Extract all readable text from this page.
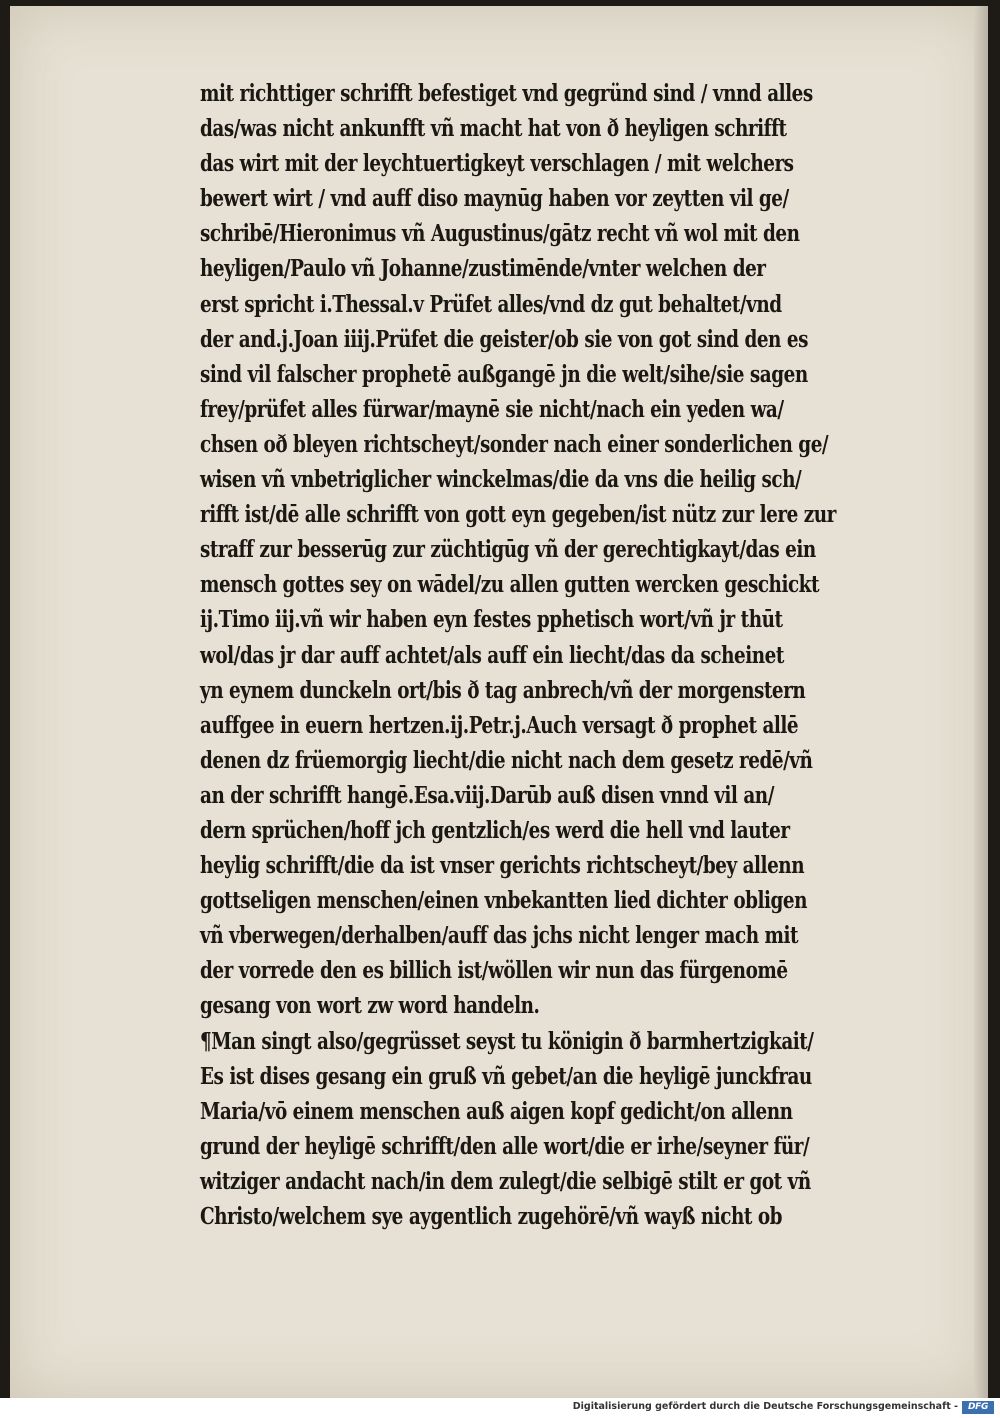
mit richttiger schrifft befestiget vnd gegründ sind / vnnd alles
das/was nicht ankunfft vñ macht hat von ð heyligen schrifft
das wirt mit der leychtuertigkeyt verschlagen / mit welchers
bewert wirt / vnd auff diso maynūg haben vor zeytten vil ge/
schribē/Hieronimus vñ Augustinus/gātz recht vñ wol mit den
heyligen/Paulo vñ Johanne/zustimēnde/vnter welchen der
erst spricht i.Thessal.v Prüfet alles/vnd dz gut behaltet/vnd
der and.j.Joan iiij.Prüfet die geister/ob sie von got sind den es
sind vil falscher prophetē außgangē jn die welt/sihe/sie sagen
frey/prüfet alles fürwar/maynē sie nicht/nach ein yeden wa/
chsen oð bleyen richtscheyt/sonder nach einer sonderlichen ge/
wisen vñ vnbetriglicher winckelmas/die da vns die heilig sch/
rifft ist/dē alle schrifft von gott eyn gegeben/ist nütz zur lere zur
straff zur besserūg zur züchtigūg vñ der gerechtigkayt/das ein
mensch gottes sey on wādel/zu allen gutten wercken geschickt
ij.Timo iij.vñ wir haben eyn festes pphetisch wort/vñ jr thūt
wol/das jr dar auff achtet/als auff ein liecht/das da scheinet
yn eynem dunckeln ort/bis ð tag anbrech/vñ der morgenstern
auffgee in euern hertzen.ij.Petr.j.Auch versagt ð prophet allē
denen dz früemorgig liecht/die nicht nach dem gesetz redē/vñ
an der schrifft hangē.Esa.viij.Darūb auß disen vnnd vil an/
dern sprüchen/hoff jch gentzlich/es werd die hell vnd lauter
heylig schrifft/die da ist vnser gerichts richtscheyt/bey allenn
gottseligen menschen/einen vnbekantten lied dichter obligen
vñ vberwegen/derhalben/auff das jchs nicht lenger mach mit
der vorrede den es billich ist/wöllen wir nun das fürgenomē
gesang von wort zw word handeln.
¶Man singt also/gegrüsset seyst tu königin ð barmhertzigkait/
Es ist dises gesang ein gruß vñ gebet/an die heyligē junckfrau
Maria/vō einem menschen auß aigen kopf gedicht/on allenn
grund der heyligē schrifft/den alle wort/die er irhe/seyner für/
witziger andacht nach/in dem zulegt/die selbigē stilt er got vñ
Christo/welchem sye aygentlich zugehörē/vñ wayß nicht ob
Digitalisierung gefördert durch die Deutsche Forschungsgemeinschaft -	DFG
